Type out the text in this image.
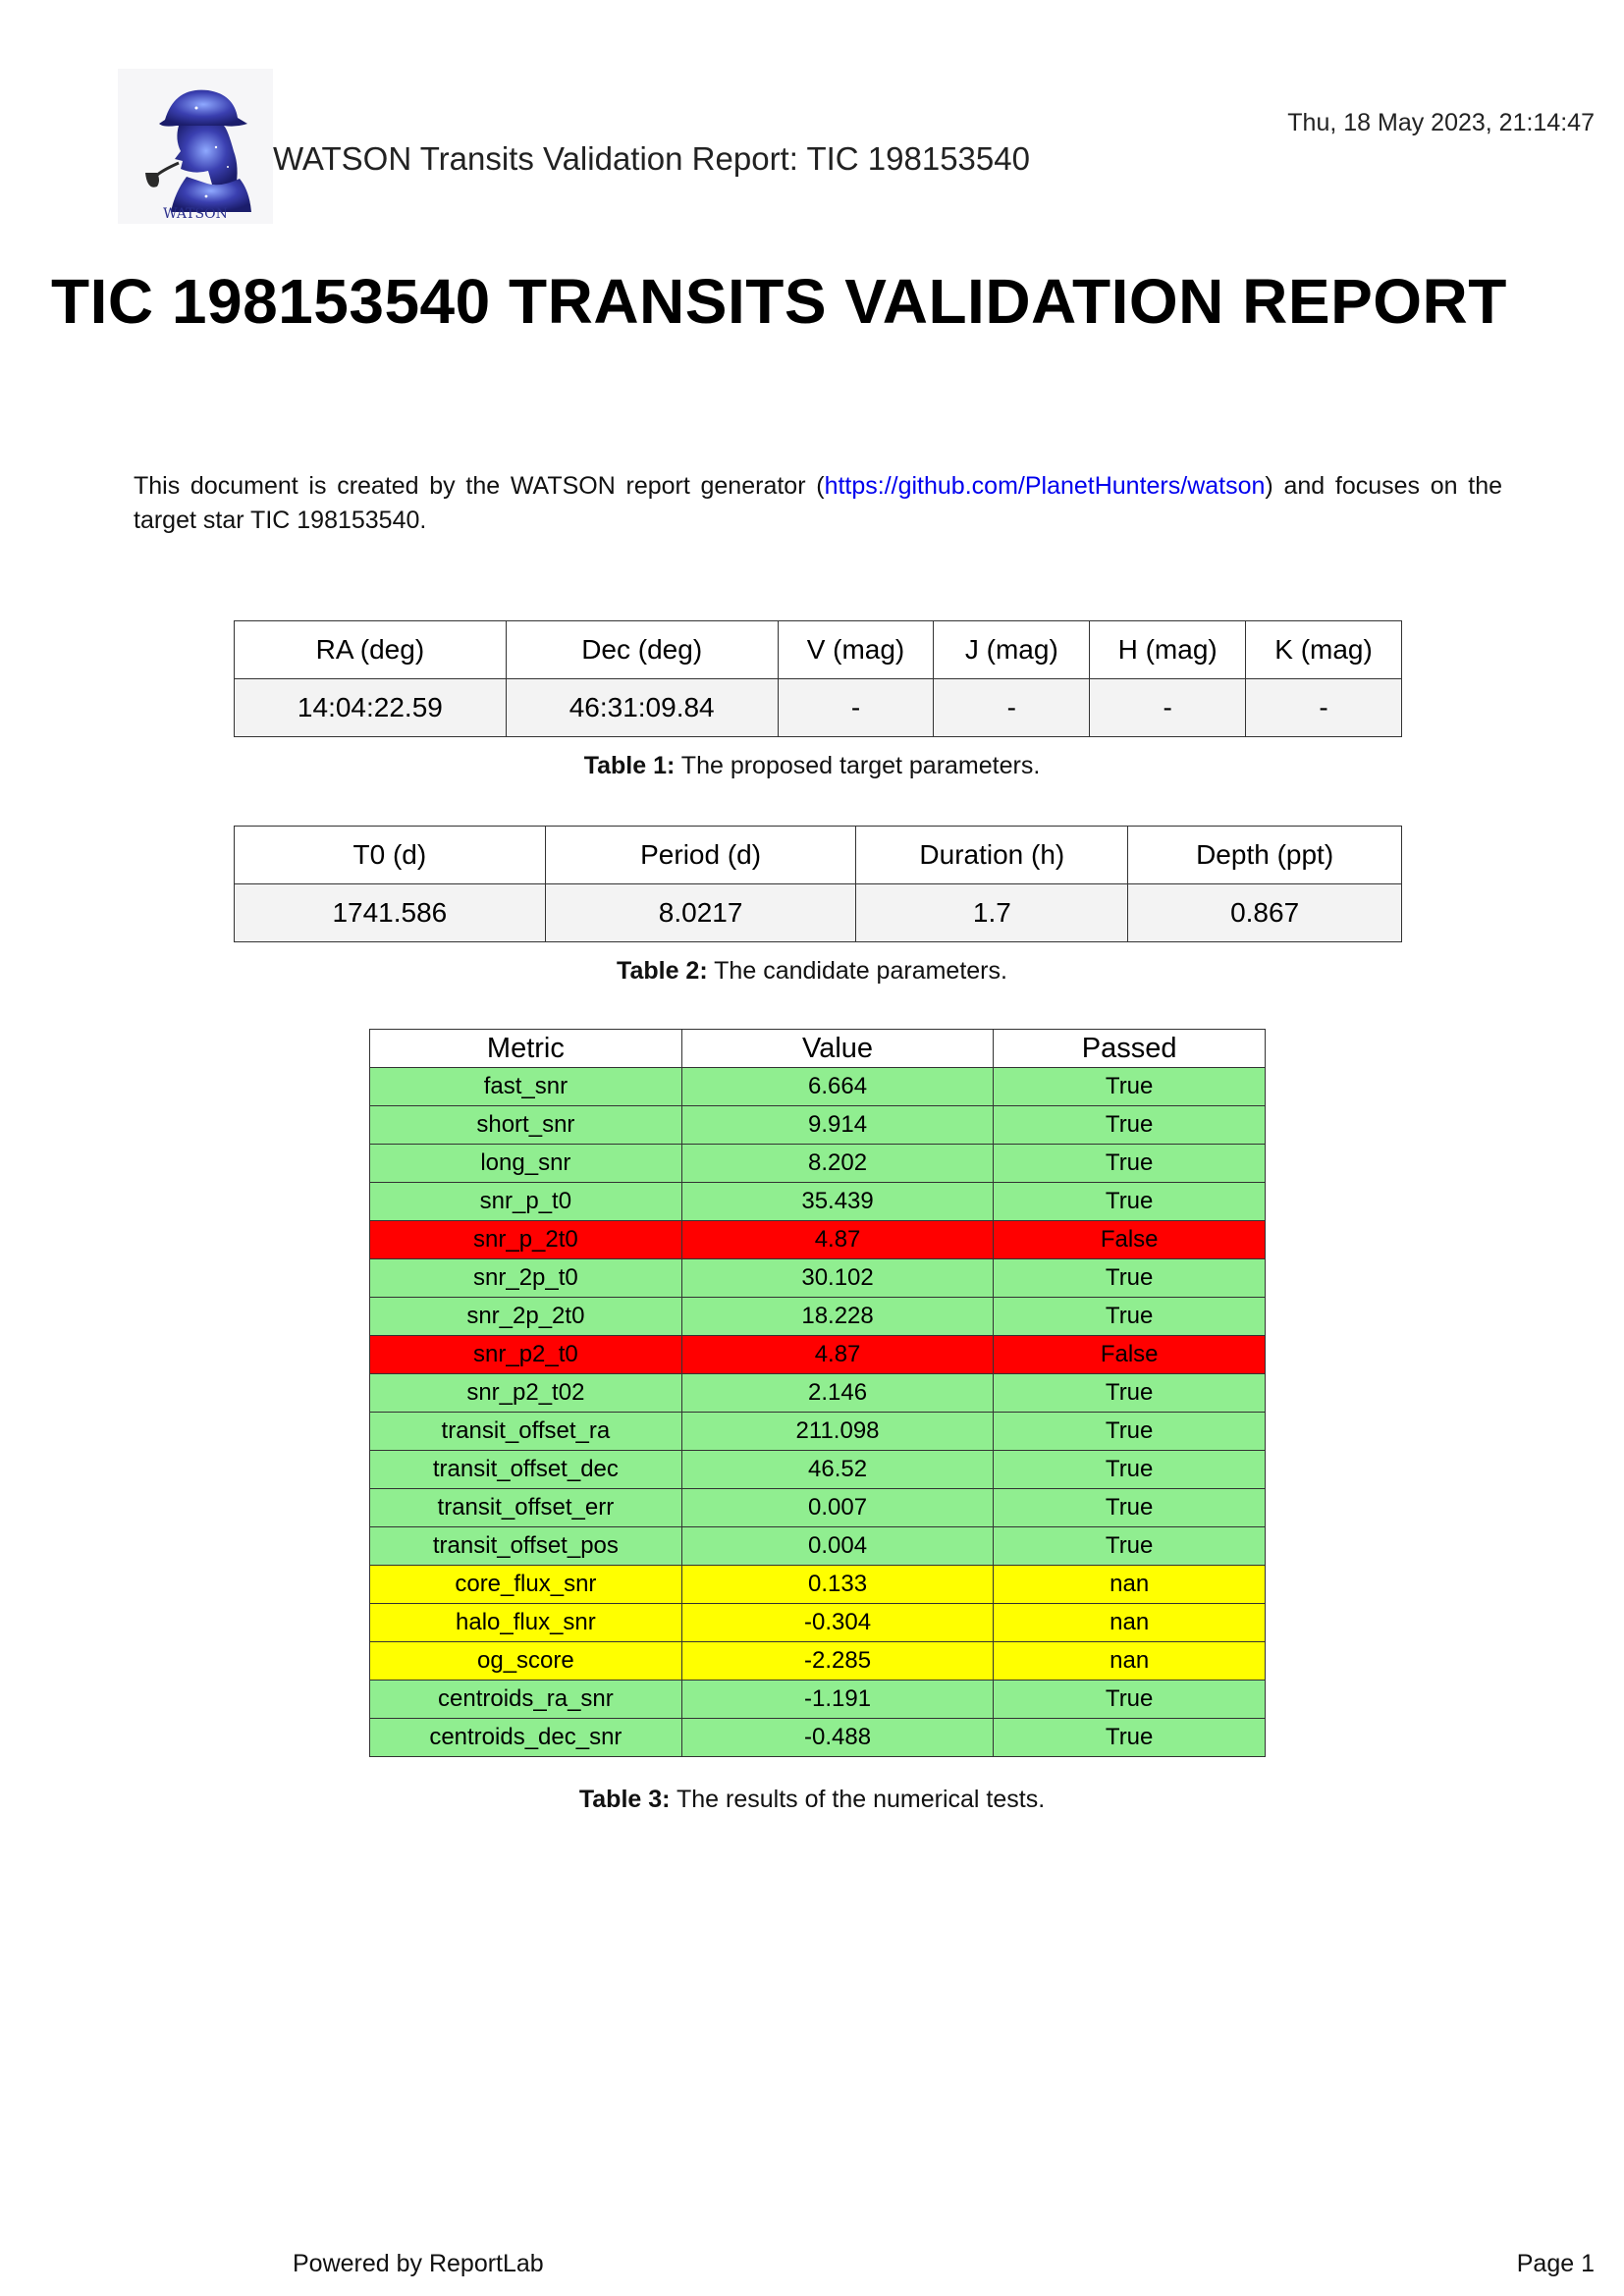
WATSON
WATSON Transits Validation Report: TIC 198153540
Thu, 18 May 2023, 21:14:47
TIC 198153540 TRANSITS VALIDATION REPORT
This document is created by the WATSON report generator (https://github.com/PlanetHunters/watson) and focuses on the target star TIC 198153540.
RA (deg)	Dec (deg)	V (mag)	J (mag)	H (mag)	K (mag)
14:04:22.59	46:31:09.84	-	-	-	-
Table 1: The proposed target parameters.
T0 (d)	Period (d)	Duration (h)	Depth (ppt)
1741.586	8.0217	1.7	0.867
Table 2: The candidate parameters.
Metric	Value	Passed
fast_snr	6.664	True
short_snr	9.914	True
long_snr	8.202	True
snr_p_t0	35.439	True
snr_p_2t0	4.87	False
snr_2p_t0	30.102	True
snr_2p_2t0	18.228	True
snr_p2_t0	4.87	False
snr_p2_t02	2.146	True
transit_offset_ra	211.098	True
transit_offset_dec	46.52	True
transit_offset_err	0.007	True
transit_offset_pos	0.004	True
core_flux_snr	0.133	nan
halo_flux_snr	-0.304	nan
og_score	-2.285	nan
centroids_ra_snr	-1.191	True
centroids_dec_snr	-0.488	True
Table 3: The results of the numerical tests.
Powered by ReportLab	Page 1
